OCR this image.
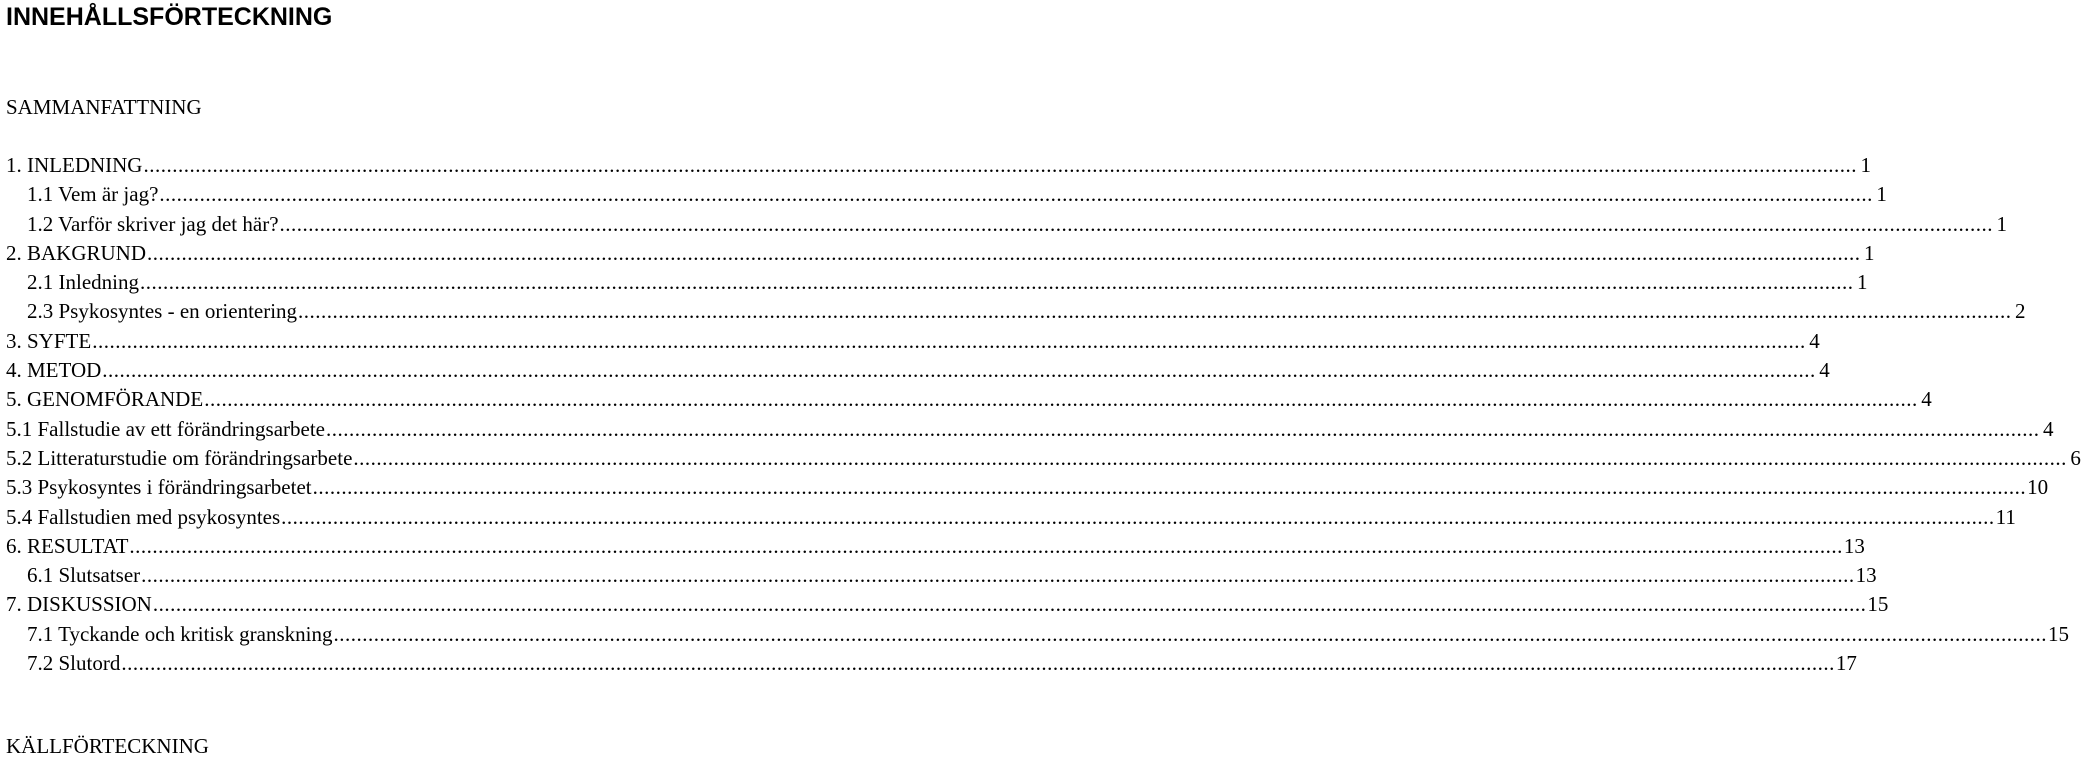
INNEHÅLLSFÖRTECKNING
SAMMANFATTNING
1. INLEDNING .....	1
1.1 Vem är jag? .....	1
1.2 Varför skriver jag det här? .....	1
2. BAKGRUND .....	1
2.1 Inledning .....	1
2.3 Psykosyntes - en orientering .....	2
3. SYFTE .....	4
4. METOD .....	4
5. GENOMFÖRANDE .....	4
5.1 Fallstudie av ett förändringsarbete .....	4
5.2 Litteraturstudie om förändringsarbete .....	6
5.3 Psykosyntes i förändringsarbetet .....	10
5.4 Fallstudien med psykosyntes .....	11
6. RESULTAT .....	13
6.1 Slutsatser .....	13
7. DISKUSSION .....	15
7.1 Tyckande och kritisk granskning .....	15
7.2 Slutord .....	17
KÄLLFÖRTECKNING
